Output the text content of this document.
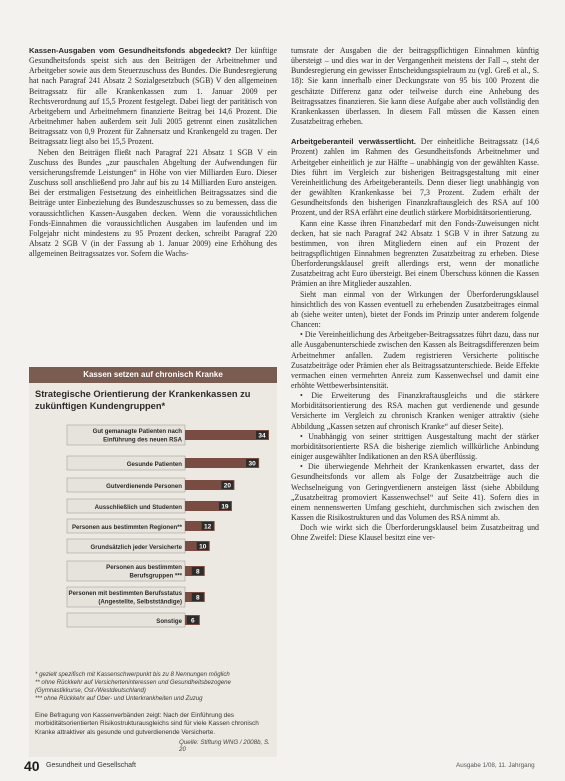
Kassen-Ausgaben vom Gesundheitsfonds abgedeckt? Der künftige Gesundheitsfonds speist sich aus den Beiträgen der Arbeitnehmer und Arbeitgeber sowie aus dem Steuerzuschuss des Bundes. Die Bundesregierung hat nach Paragraf 241 Absatz 2 Sozialgesetzbuch (SGB) V den allgemeinen Beitragssatz für alle Krankenkassen zum 1. Januar 2009 per Rechtsverordnung auf 15,5 Prozent festgelegt. Dabei liegt der paritätisch von Arbeitgebern und Arbeitnehmern finanzierte Beitrag bei 14,6 Prozent. Die Arbeitnehmer haben außerdem seit Juli 2005 getrennt einen zusätzlichen Beitragssatz von 0,9 Prozent für Zahnersatz und Krankengeld zu tragen. Der Beitragssatz liegt also bei 15,5 Prozent.

Neben den Beiträgen fließt nach Paragraf 221 Absatz 1 SGB V ein Zuschuss des Bundes „zur pauschalen Abgeltung der Aufwendungen für versicherungsfremde Leistungen“ in Höhe von vier Milliarden Euro. Dieser Zuschuss soll anschließend pro Jahr auf bis zu 14 Milliarden Euro ansteigen. Bei der erstmaligen Festsetzung des einheitlichen Beitragssatzes sind die Beiträge unter Einbeziehung des Bundeszuschusses so zu bemessen, dass die voraussichtlichen Kassen-Ausgaben decken. Wenn die voraussichtlichen Fonds-Einnahmen die voraussichtlichen Ausgaben im laufenden und im Folgejahr nicht mindestens zu 95 Prozent decken, schreibt Paragraf 220 Absatz 2 SGB V (in der Fassung ab 1. Januar 2009) eine Erhöhung des allgemeinen Beitragssatzes vor. Sofern die Wachs-

Kassen setzen auf chronisch Kranke
Strategische Orientierung der Krankenkassen zu zukünftigen Kundengruppen*
Gut gemanagte Patienten nach
Einführung des neuen RSA
34
Gesunde Patienten	30
Gutverdienende Personen	20
Ausschließlich und Studenten	19
Personen aus bestimmten Regionen**	12
Grundsätzlich jeder Versicherte	10
Personen aus bestimmten
Berufsgruppen ***
8
Personen mit bestimmten Berufsstatus
(Angestellte, Selbstständige)
8
Sonstige 6
* gezielt spezifisch mit Kassenschwerpunkt bis zu 8 Nennungen möglich
** ohne Rückkehr auf Versicherteninteressen und Gesundheitsbezogene (Gymnastikkurse, Ost-/Westdeutschland)
*** ohne Rückkehr auf Ober- und Unterkrankheiten und Zuzug
Eine Befragung von Kassenverbänden zeigt: Nach der Einführung des morbiditätsorientierten Risikostrukturausgleichs sind für viele Kassen chronisch Kranke attraktiver als gesunde und gutverdienende Versicherte.
Quelle: Stiftung WNG / 2008b, S. 20

tumsrate der Ausgaben die der beitragspflichtigen Einnahmen künftig übersteigt – und dies war in der Vergangenheit meistens der Fall –, steht der Bundesregierung ein gewisser Entscheidungsspielraum zu (vgl. Greß et al., S. 18): Sie kann innerhalb einer Deckungsrate von 95 bis 100 Prozent die geschätzte Differenz ganz oder teilweise durch eine Anhebung des Beitragssatzes finanzieren. Sie kann diese Aufgabe aber auch vollständig den Krankenkassen überlassen. In diesem Fall müssen die Kassen einen Zusatzbeitrag erheben.

Arbeitgeberanteil verwässertlicht. Der einheitliche Beitragssatz (14,6 Prozent) zahlen im Rahmen des Gesundheitsfonds Arbeitnehmer und Arbeitgeber einheitlich je zur Hälfte – unabhängig von der gewählten Kasse. Dies führt im Vergleich zur bisherigen Beitragsgestaltung mit einer Vereinheitlichung des Arbeitgeberanteils. Denn dieser liegt unabhängig von der gewählten Krankenkasse bei 7,3 Prozent. Zudem erhält der Gesundheitsfonds den bisherigen Finanzkraftausgleich des RSA auf 100 Prozent, und der RSA erfährt eine deutlich stärkere Morbiditätsorientierung.

Kann eine Kasse ihren Finanzbedarf mit den Fonds-Zuweisungen nicht decken, hat sie nach Paragraf 242 Absatz 1 SGB V in ihrer Satzung zu bestimmen, von ihren Mitgliedern einen auf ein Prozent der beitragspflichtigen Einnahmen begrenzten Zusatzbeitrag zu erheben. Diese Überforderungsklausel greift allerdings erst, wenn der monatliche Zusatzbeitrag acht Euro übersteigt. Bei einem Überschuss können die Kassen Prämien an ihre Mitglieder auszahlen.

Sieht man einmal von der Wirkungen der Überforderungsklausel hinsichtlich des von Kassen eventuell zu erhebenden Zusatzbeitrages einmal ab (siehe weiter unten), bietet der Fonds im Prinzip unter anderem folgende Chancen:

• Die Vereinheitlichung des Arbeitgeber-Beitragssatzes führt dazu, dass nur alle Ausgabenunterschiede zwischen den Kassen als Beitragsdifferenzen beim Arbeitnehmer anfallen. Zudem registrieren Versicherte politische Zusatzbeiträge oder Prämien eher als Beitragssatzunterschiede. Beide Effekte vermachen einen vermehrten Anreiz zum Kassenwechsel und damit eine erhöhte Wettbewerbsintensität.

• Die Erweiterung des Finanzkraftausgleichs und die stärkere Morbiditätsorientierung des RSA machen gut verdienende und gesunde Versicherte im Vergleich zu chronisch Kranken weniger attraktiv (siehe Abbildung „Kassen setzen auf chronisch Kranke“ auf dieser Seite).

• Unabhängig von seiner strittigen Ausgestaltung macht der stärker morbiditätsorientierte RSA die bisherige ziemlich willkürliche Anbindung einiger ausgewählter Indikationen an den RSA überflüssig.

• Die überwiegende Mehrheit der Krankenkassen erwartet, dass der Gesundheitsfonds vor allem als Folge der Zusatzbeiträge auch die Wechselneigung von Geringverdienern ansteigen lässt (siehe Abbildung „Zusatzbeitrag promoviert Kassenwechsel“ auf Seite 41). Sofern dies in einem nennenswerten Umfang geschieht, durchmischen sich zwischen den Kassen die Risikostrukturen und das Volumen des RSA nimmt ab.

Doch wie wirkt sich die Überforderungsklausel beim Zusatzbeitrag und Ohne Zweifel: Diese Klausel besitzt eine ver-

40 Gesundheit und Gesellschaft	Ausgabe 1/08, 11. Jahrgang
